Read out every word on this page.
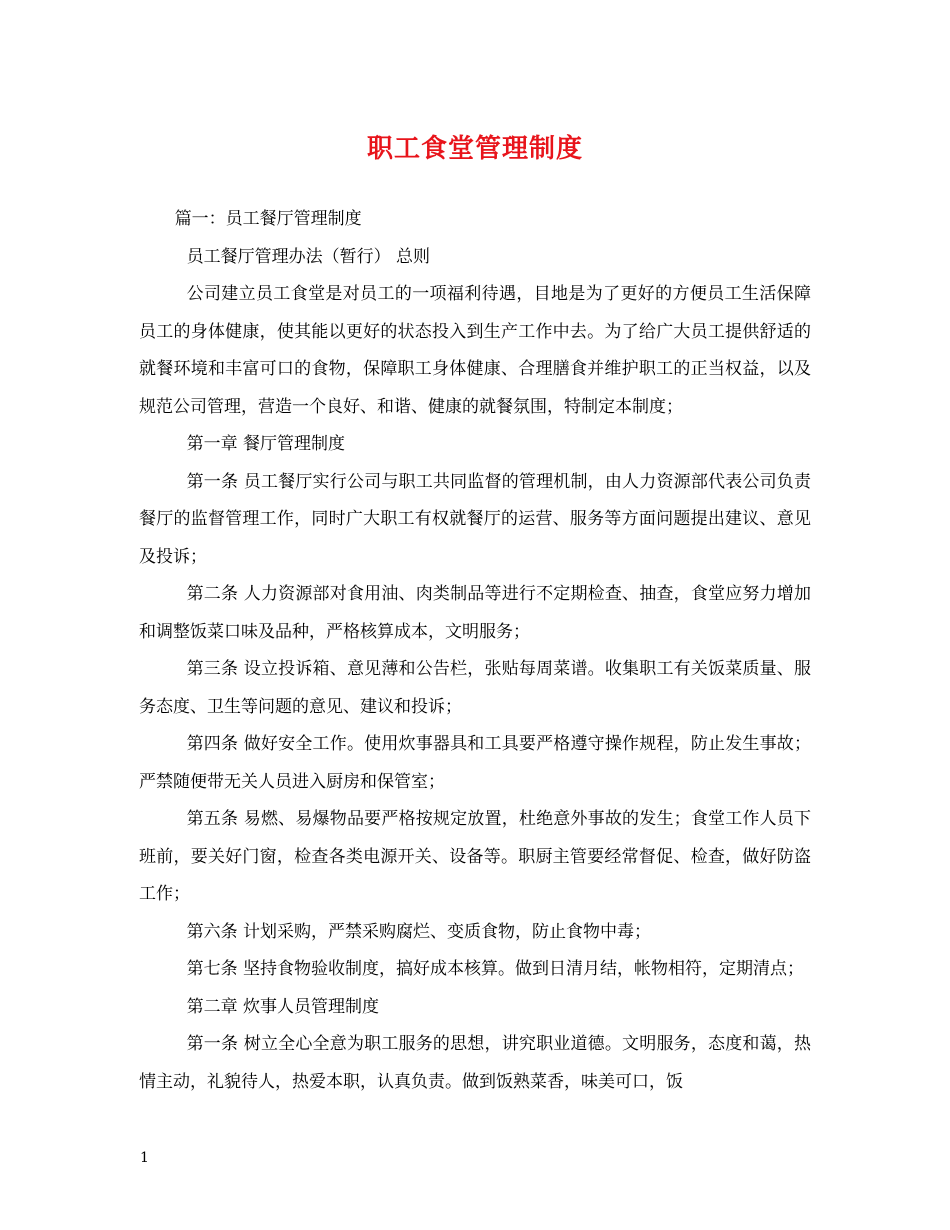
职工食堂管理制度

篇一：员工餐厅管理制度

员工餐厅管理办法（暂行） 总则

公司建立员工食堂是对员工的一项福利待遇，目地是为了更好的方便员工生活保障员工的身体健康，使其能以更好的状态投入到生产工作中去。为了给广大员工提供舒适的就餐环境和丰富可口的食物，保障职工身体健康、合理膳食并维护职工的正当权益，以及规范公司管理，营造一个良好、和谐、健康的就餐氛围，特制定本制度；

第一章 餐厅管理制度

第一条 员工餐厅实行公司与职工共同监督的管理机制，由人力资源部代表公司负责餐厅的监督管理工作，同时广大职工有权就餐厅的运营、服务等方面问题提出建议、意见及投诉；

第二条 人力资源部对食用油、肉类制品等进行不定期检查、抽查，食堂应努力增加和调整饭菜口味及品种，严格核算成本，文明服务；

第三条 设立投诉箱、意见薄和公告栏，张贴每周菜谱。收集职工有关饭菜质量、服务态度、卫生等问题的意见、建议和投诉；

第四条 做好安全工作。使用炊事器具和工具要严格遵守操作规程，防止发生事故；严禁随便带无关人员进入厨房和保管室；

第五条 易燃、易爆物品要严格按规定放置，杜绝意外事故的发生；食堂工作人员下班前，要关好门窗，检查各类电源开关、设备等。职厨主管要经常督促、检查，做好防盗工作；

第六条 计划采购，严禁采购腐烂、变质食物，防止食物中毒；

第七条 坚持食物验收制度，搞好成本核算。做到日清月结，帐物相符，定期清点；

第二章 炊事人员管理制度

第一条 树立全心全意为职工服务的思想，讲究职业道德。文明服务，态度和蔼，热情主动，礼貌待人，热爱本职，认真负责。做到饭熟菜香，味美可口，饭

1
